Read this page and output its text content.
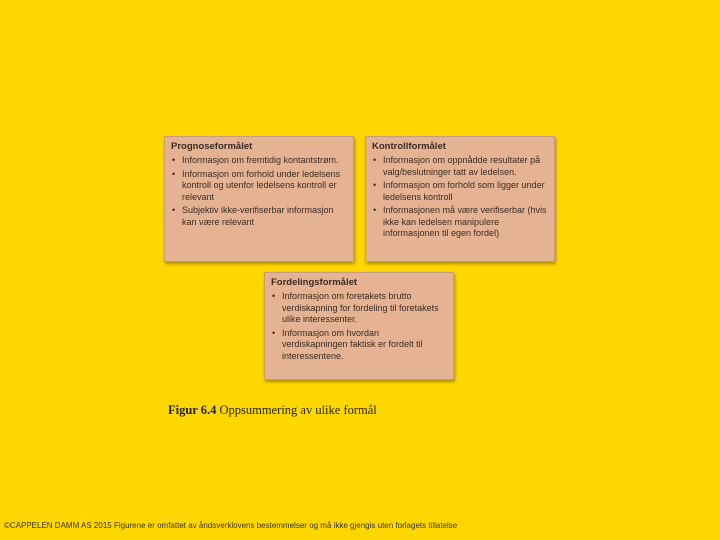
Prognoseformålet
• Informasjon om fremtidig kontantstrøm.
• Informasjon om forhold under ledelsens kontroll og utenfor ledelsens kontroll er relevant
• Subjektiv ikke-verifiserbar informasjon kan være relevant
Kontrollformålet
• Informasjon om oppnådde resultater på valg/beslutninger tatt av ledelsen.
• Informasjon om forhold som ligger under ledelsens kontroll
• Informasjonen må være verifiserbar (hvis ikke kan ledelsen manipulere informasjonen til egen fordel)
Fordelingsformålet
• Informasjon om foretakets brutto verdiskapning for fordeling til foretakets ulike interessenter.
• Informasjon om hvordan verdiskapningen faktisk er fordelt til interessentene.
Figur 6.4 Oppsummering av ulike formål
©CAPPELEN DAMM AS 2015 Figurene er omfattet av åndsverklovens bestemmelser og må ikke gjengis uten forlagets tillatelse
